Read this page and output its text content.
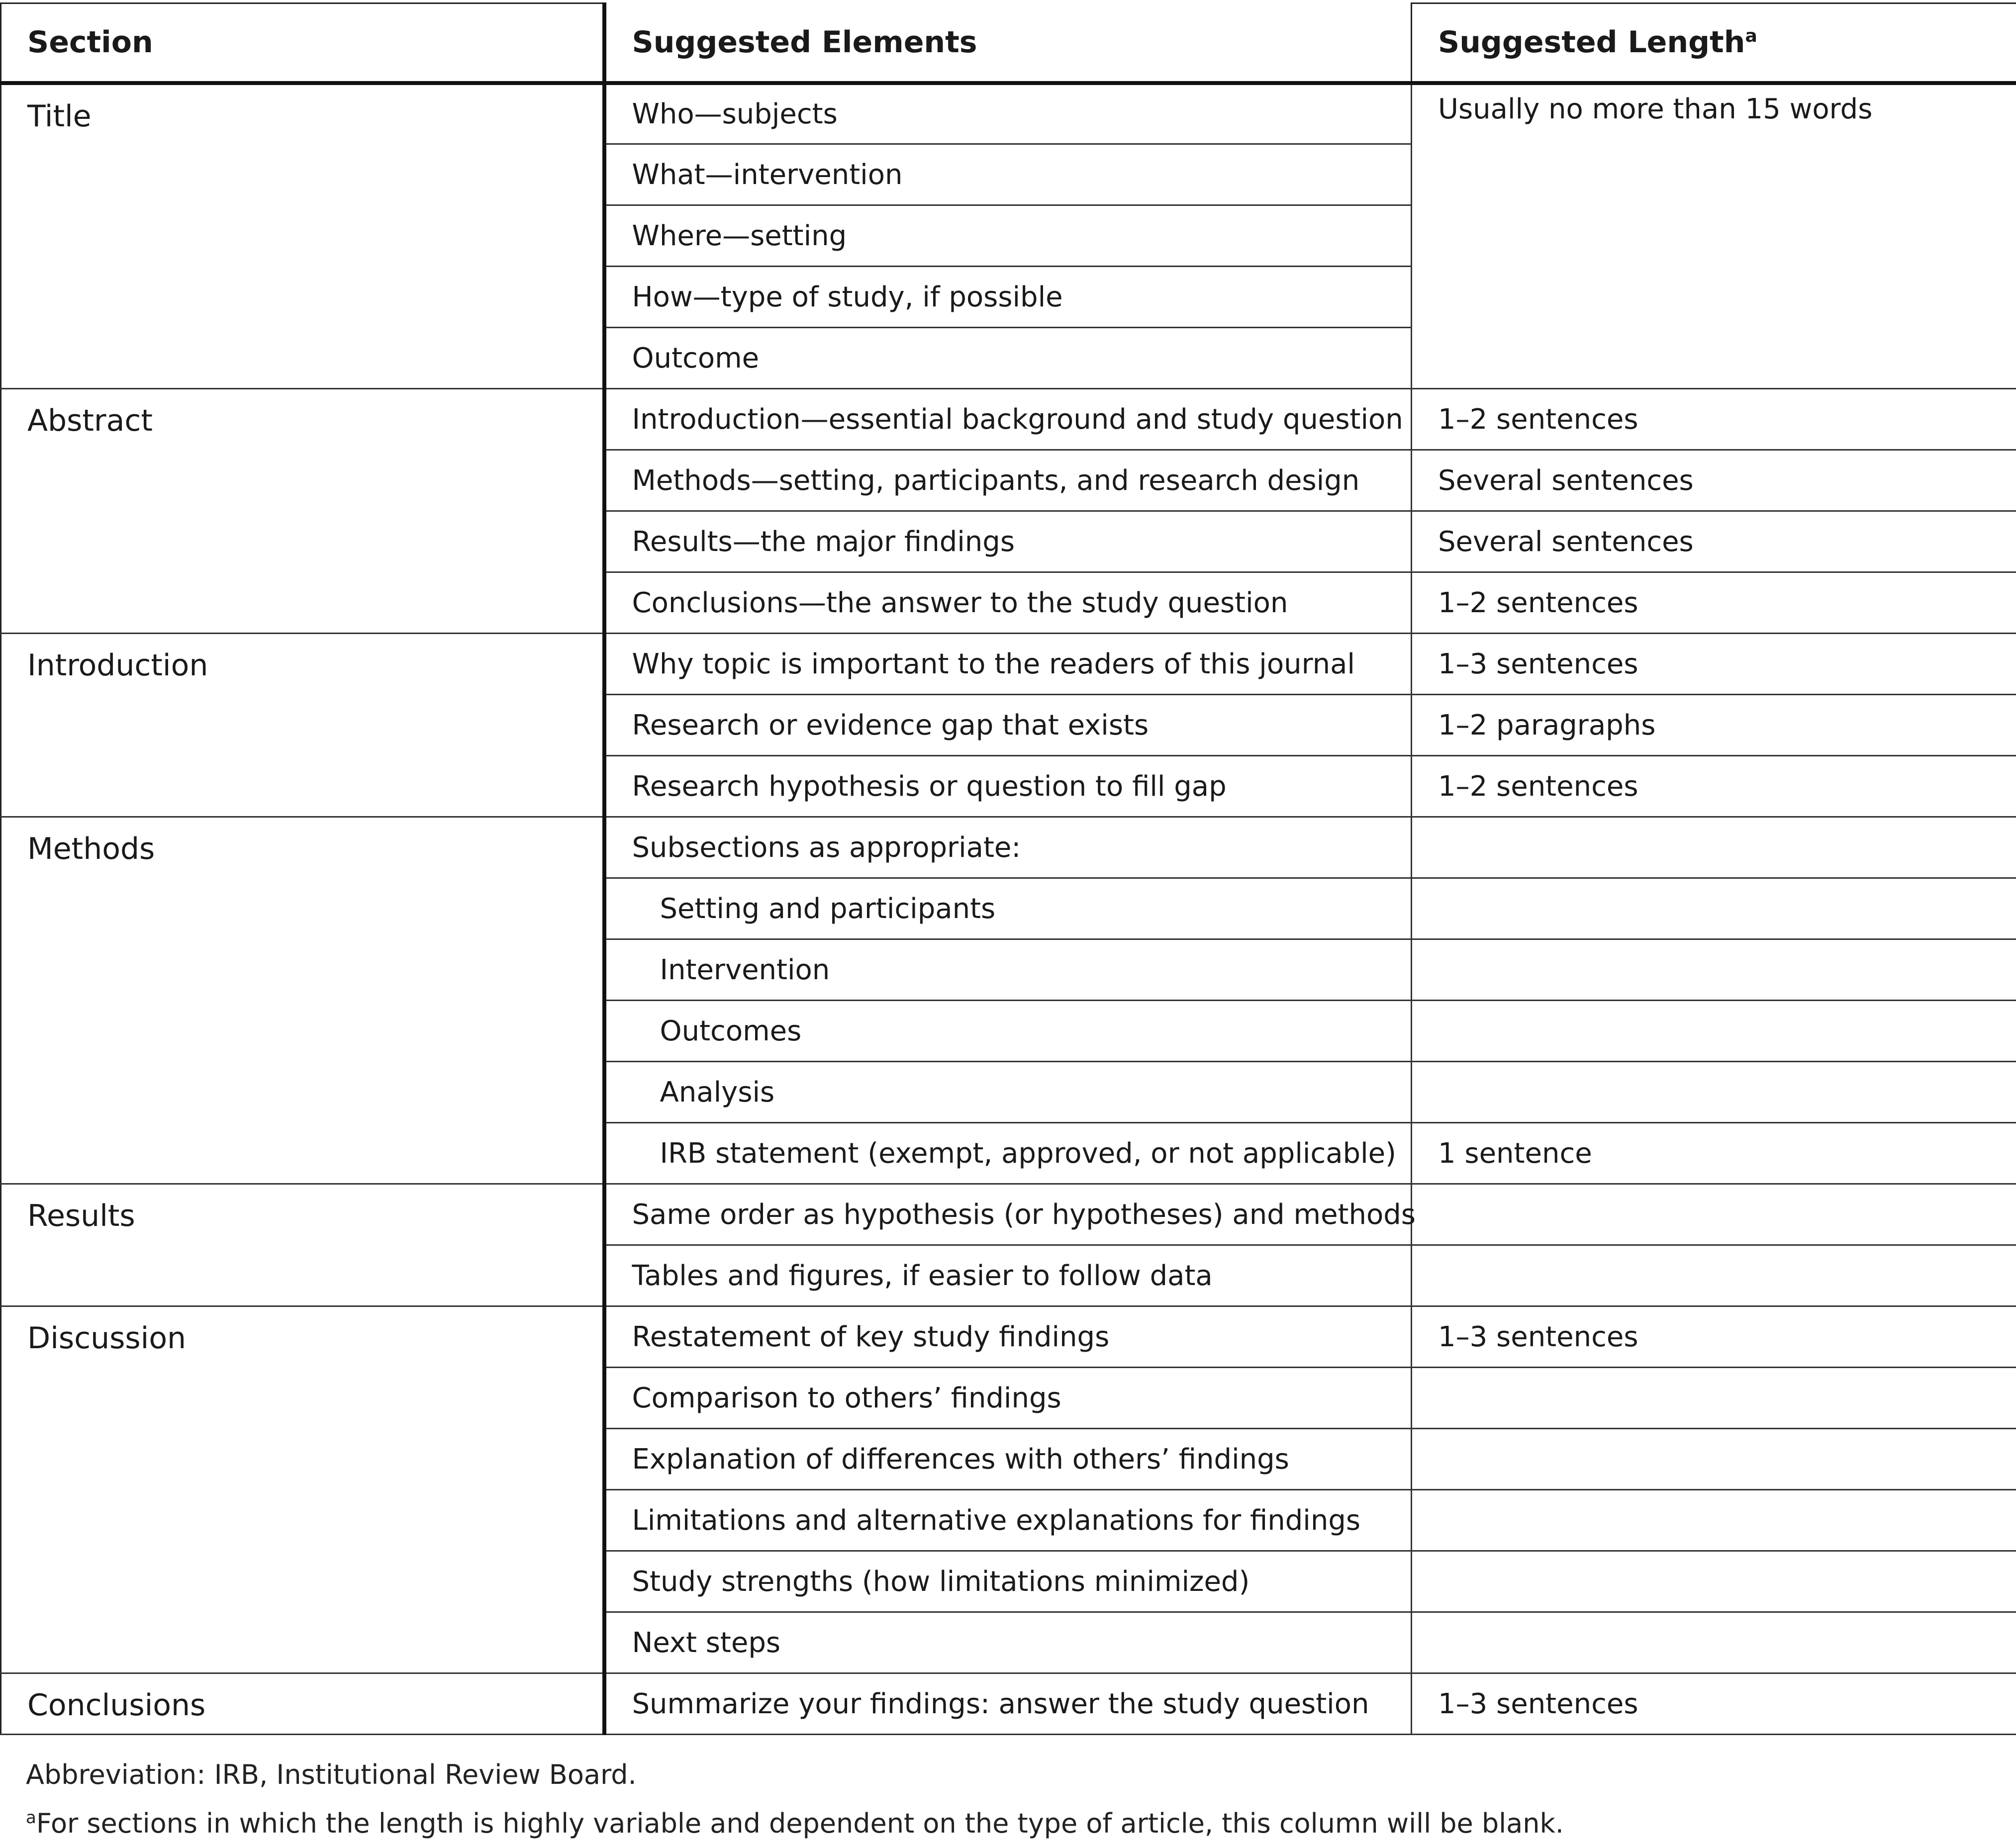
Section	Suggested Elements	Suggested Length$^a$
Title	Who—subjects	Usually no more than 15 words
	What—intervention	
	Where—setting	
	How—type of study, if possible	
	Outcome	
Abstract	Introduction—essential background and study question	1–2 sentences
	Methods—setting, participants, and research design	Several sentences
	Results—the major findings	Several sentences
	Conclusions—the answer to the study question	1–2 sentences
Introduction	Why topic is important to the readers of this journal	1–3 sentences
	Research or evidence gap that exists	1–2 paragraphs
	Research hypothesis or question to fill gap	1–2 sentences
Methods	Subsections as appropriate:	
	Setting and participants	
	Intervention	
	Outcomes	
	Analysis	
	IRB statement (exempt, approved, or not applicable)	1 sentence
Results	Same order as hypothesis (or hypotheses) and methods	
	Tables and figures, if easier to follow data	
Discussion	Restatement of key study findings	1–3 sentences
	Comparison to others’ findings	
	Explanation of differences with others’ findings	
	Limitations and alternative explanations for findings	
	Study strengths (how limitations minimized)	
	Next steps	
Conclusions	Summarize your findings: answer the study question	1–3 sentences
Abbreviation: IRB, Institutional Review Board.
$^a$For sections in which the length is highly variable and dependent on the type of article, this column will be blank.
